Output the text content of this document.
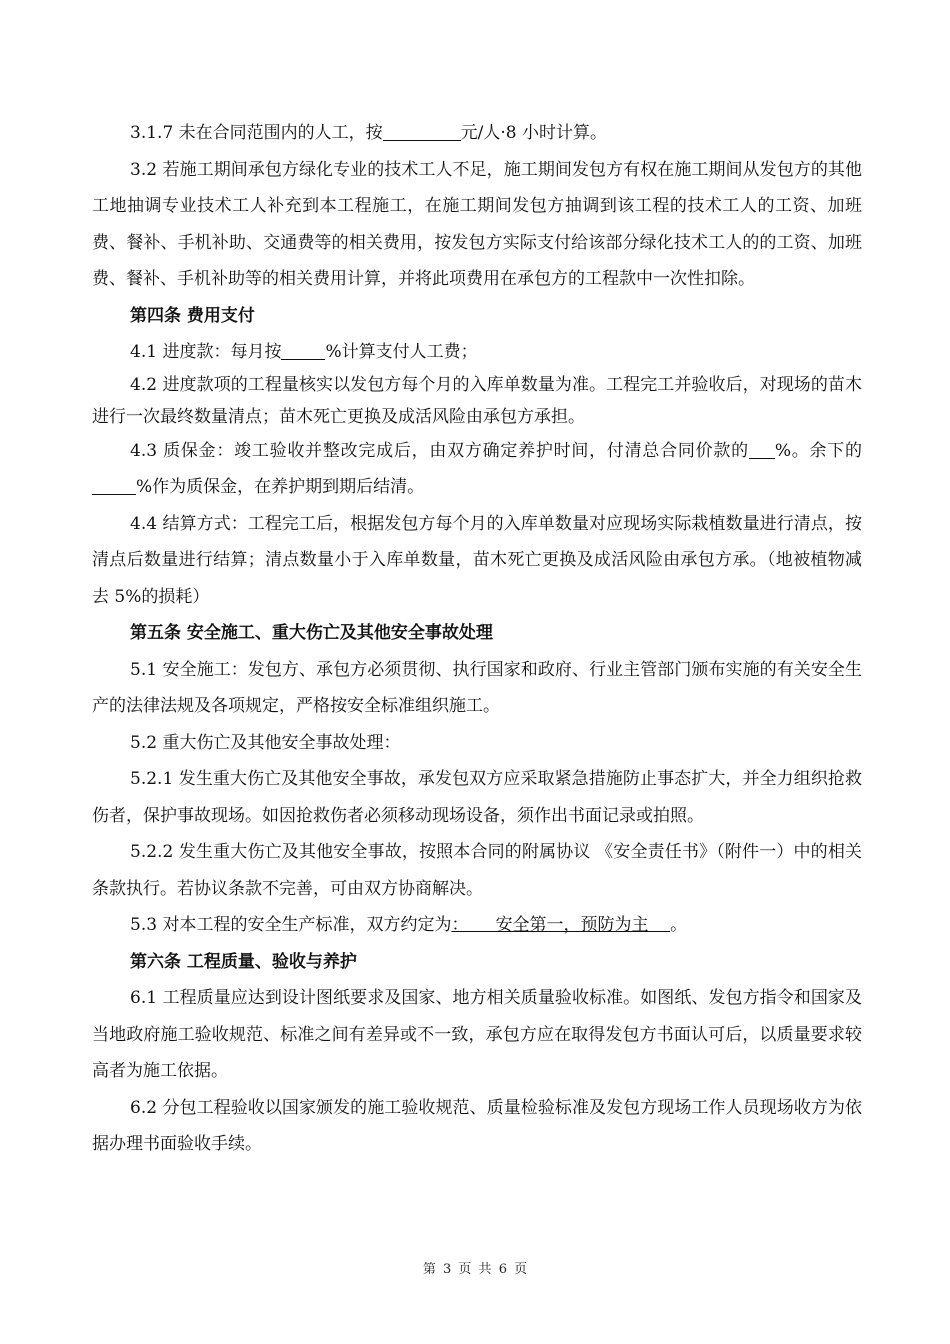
3.1.7 未在合同范围内的人工，按	元/人·8 小时计算。

3.2 若施工期间承包方绿化专业的技术工人不足，施工期间发包方有权在施工期间从发包方的其他工地抽调专业技术工人补充到本工程施工，在施工期间发包方抽调到该工程的技术工人的工资、加班费、餐补、手机补助、交通费等的相关费用，按发包方实际支付给该部分绿化技术工人的的工资、加班费、餐补、手机补助等的相关费用计算，并将此项费用在承包方的工程款中一次性扣除。

第四条 费用支付

4.1 进度款：每月按	%计算支付人工费；

4.2 进度款项的工程量核实以发包方每个月的入库单数量为准。工程完工并验收后，对现场的苗木进行一次最终数量清点；苗木死亡更换及成活风险由承包方承担。

4.3 质保金：竣工验收并整改完成后，由双方确定养护时间，付清总合同价款的 %。余下的%作为质保金，在养护期到期后结清。

4.4 结算方式：工程完工后，根据发包方每个月的入库单数量对应现场实际栽植数量进行清点，按清点后数量进行结算；清点数量小于入库单数量，苗木死亡更换及成活风险由承包方承。（地被植物减去 5%的损耗）

第五条 安全施工、重大伤亡及其他安全事故处理

5.1 安全施工：发包方、承包方必须贯彻、执行国家和政府、行业主管部门颁布实施的有关安全生产的法律法规及各项规定，严格按安全标准组织施工。

5.2 重大伤亡及其他安全事故处理：

5.2.1 发生重大伤亡及其他安全事故，承发包双方应采取紧急措施防止事态扩大，并全力组织抢救伤者，保护事故现场。如因抢救伤者必须移动现场设备，须作出书面记录或拍照。

5.2.2 发生重大伤亡及其他安全事故，按照本合同的附属协议 《安全责任书》（附件一）中的相关条款执行。若协议条款不完善，可由双方协商解决。

5.3 对本工程的安全生产标准，双方约定为：     安全第一，预防为主    。

第六条 工程质量、验收与养护

6.1 工程质量应达到设计图纸要求及国家、地方相关质量验收标准。如图纸、发包方指令和国家及当地政府施工验收规范、标准之间有差异或不一致，承包方应在取得发包方书面认可后，以质量要求较高者为施工依据。

6.2 分包工程验收以国家颁发的施工验收规范、质量检验标准及发包方现场工作人员现场收方为依据办理书面验收手续。

第 3 页 共 6 页
